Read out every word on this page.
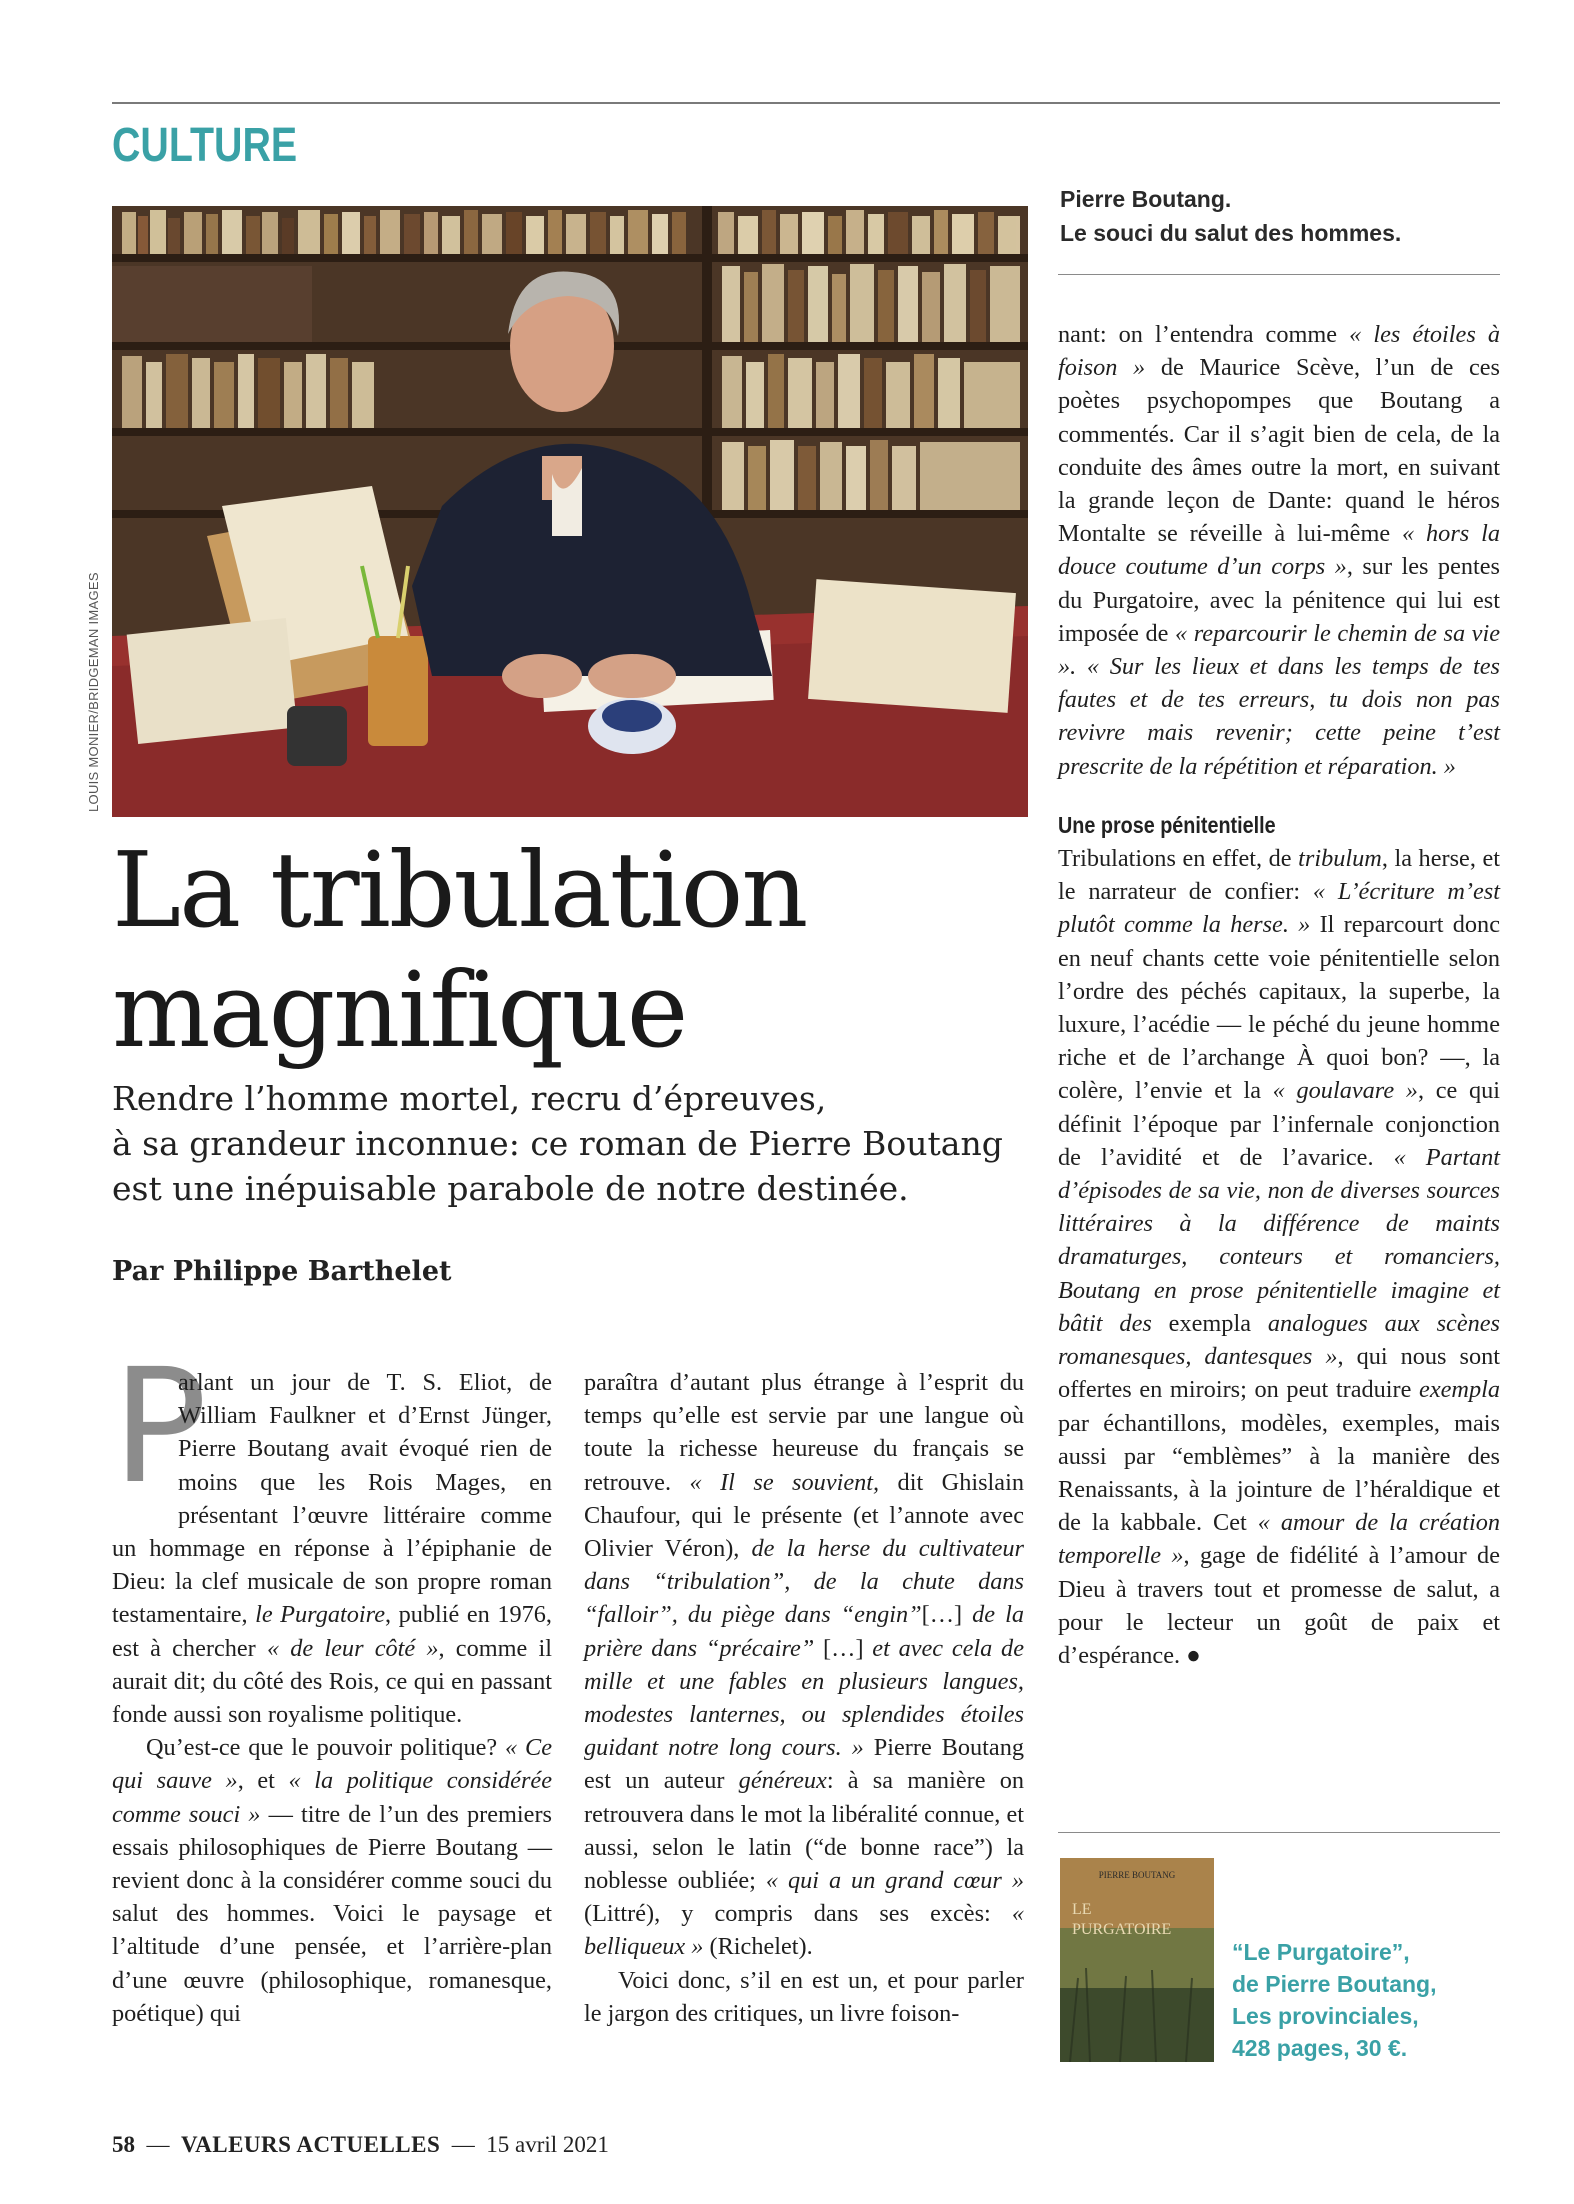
CULTURE
LOUIS MONIER/BRIDGEMAN IMAGES
Pierre Boutang.
Le souci du salut des hommes.
La tribulation
magnifique
Rendre l’homme mortel, recru d’épreuves,
à sa grandeur inconnue: ce roman de Pierre Boutang
est une inépuisable parabole de notre destinée.
Par Philippe Barthelet
P

arlant un jour de T. S. Eliot, de William Faulkner et d’Ernst Jünger, Pierre Boutang avait évoqué rien de moins que les Rois Mages, en présentant l’œuvre littéraire comme un hommage en réponse à l’épiphanie de Dieu: la clef musicale de son propre roman testamentaire, le Purgatoire, publié en 1976, est à chercher « de leur côté », comme il aurait dit; du côté des Rois, ce qui en passant fonde aussi son royalisme politique.

Qu’est-ce que le pouvoir politique? « Ce qui sauve », et « la politique considérée comme souci » — titre de l’un des premiers essais philosophiques de Pierre Boutang — revient donc à la considérer comme souci du salut des hommes. Voici le paysage et l’altitude d’une pensée, et l’arrière-plan d’une œuvre (philosophique, romanesque, poétique) qui

paraîtra d’autant plus étrange à l’esprit du temps qu’elle est servie par une langue où toute la richesse heureuse du français se retrouve. « Il se souvient, dit Ghislain Chaufour, qui le présente (et l’annote avec Olivier Véron), de la herse du cultivateur dans “tribulation”, de la chute dans “falloir”, du piège dans “engin”[…] de la prière dans “précaire” […] et avec cela de mille et une fables en plusieurs langues, modestes lanternes, ou splendides étoiles guidant notre long cours. » Pierre Boutang est un auteur généreux: à sa manière on retrouvera dans le mot la libéralité connue, et aussi, selon le latin (“de bonne race”) la noblesse oubliée; « qui a un grand cœur » (Littré), y compris dans ses excès: « belliqueux » (Richelet).

Voici donc, s’il en est un, et pour parler le jargon des critiques, un livre foison-

nant: on l’entendra comme « les étoiles à foison » de Maurice Scève, l’un de ces poètes psychopompes que Boutang a commentés. Car il s’agit bien de cela, de la conduite des âmes outre la mort, en suivant la grande leçon de Dante: quand le héros Montalte se réveille à lui-même « hors la douce coutume d’un corps », sur les pentes du Purgatoire, avec la pénitence qui lui est imposée de « reparcourir le chemin de sa vie ». « Sur les lieux et dans les temps de tes fautes et de tes erreurs, tu dois non pas revivre mais revenir; cette peine t’est prescrite de la répétition et réparation. »

Une prose pénitentielle

Tribulations en effet, de tribulum, la herse, et le narrateur de confier: « L’écriture m’est plutôt comme la herse. » Il reparcourt donc en neuf chants cette voie pénitentielle selon l’ordre des péchés capitaux, la superbe, la luxure, l’acédie — le péché du jeune homme riche et de l’archange À quoi bon? —, la colère, l’envie et la « goulavare », ce qui définit l’époque par l’infernale conjonction de l’avidité et de l’avarice. « Partant d’épisodes de sa vie, non de diverses sources littéraires à la différence de maints dramaturges, conteurs et romanciers, Boutang en prose pénitentielle imagine et bâtit des exempla analogues aux scènes romanesques, dantesques », qui nous sont offertes en miroirs; on peut traduire exempla par échantillons, modèles, exemples, mais aussi par “emblèmes” à la manière des Renaissants, à la jointure de l’héraldique et de la kabbale. Cet « amour de la création temporelle », gage de fidélité à l’amour de Dieu à travers tout et promesse de salut, a pour le lecteur un goût de paix et d’espérance. ●

PIERRE BOUTANG
LE
PURGATOIRE
“Le Purgatoire”,
de Pierre Boutang,
Les provinciales,
428 pages, 30 €.
58 — VALEURS ACTUELLES — 15 avril 2021
